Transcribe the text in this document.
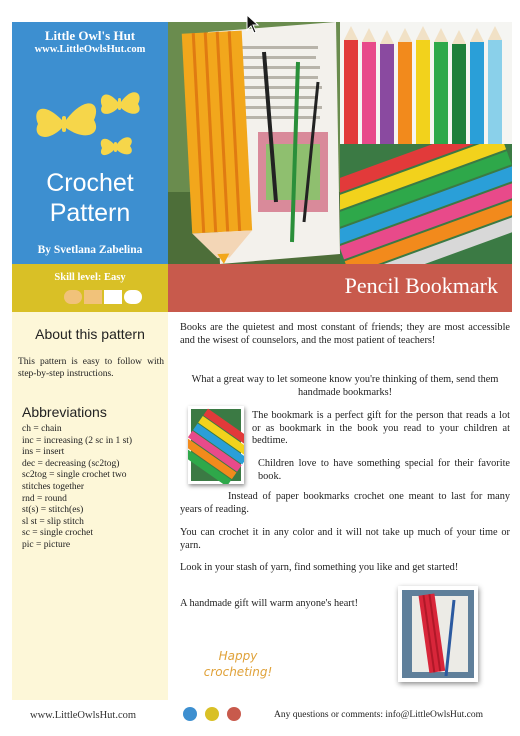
Little Owl's Hut
www.LittleOwlsHut.com
Crochet
Pattern
By Svetlana Zabelina
Skill level: Easy	Pencil Bookmark
About this pattern
This pattern is easy to follow with step-by-step instructions.
Abbreviations
ch = chain
inc = increasing (2 sc in 1 st)
ins = insert
dec = decreasing (sc2tog)
sc2tog = single crochet two
stitches together
rnd = round
st(s) = stitch(es)
sl st = slip stitch
sc = single crochet
pic = picture
Books are the quietest and most constant of friends; they are most accessible and the wisest of counselors, and the most patient of teachers!
What a great way to let someone know you're thinking of them, send them handmade bookmarks!
The bookmark is a perfect gift for the person that reads a lot or as bookmark in the book you read to your children at bedtime.
Children love to have something special for their favorite book.
Instead of paper bookmarks crochet one meant to last for many years of reading.
You can crochet it in any color and it will not take up much of your time or yarn.
Look in your stash of yarn, find something you like and get started!
A handmade gift will warm anyone's heart!
Happy
crocheting!
www.LittleOwlsHut.com	Any questions or comments: info@LittleOwlsHut.com
